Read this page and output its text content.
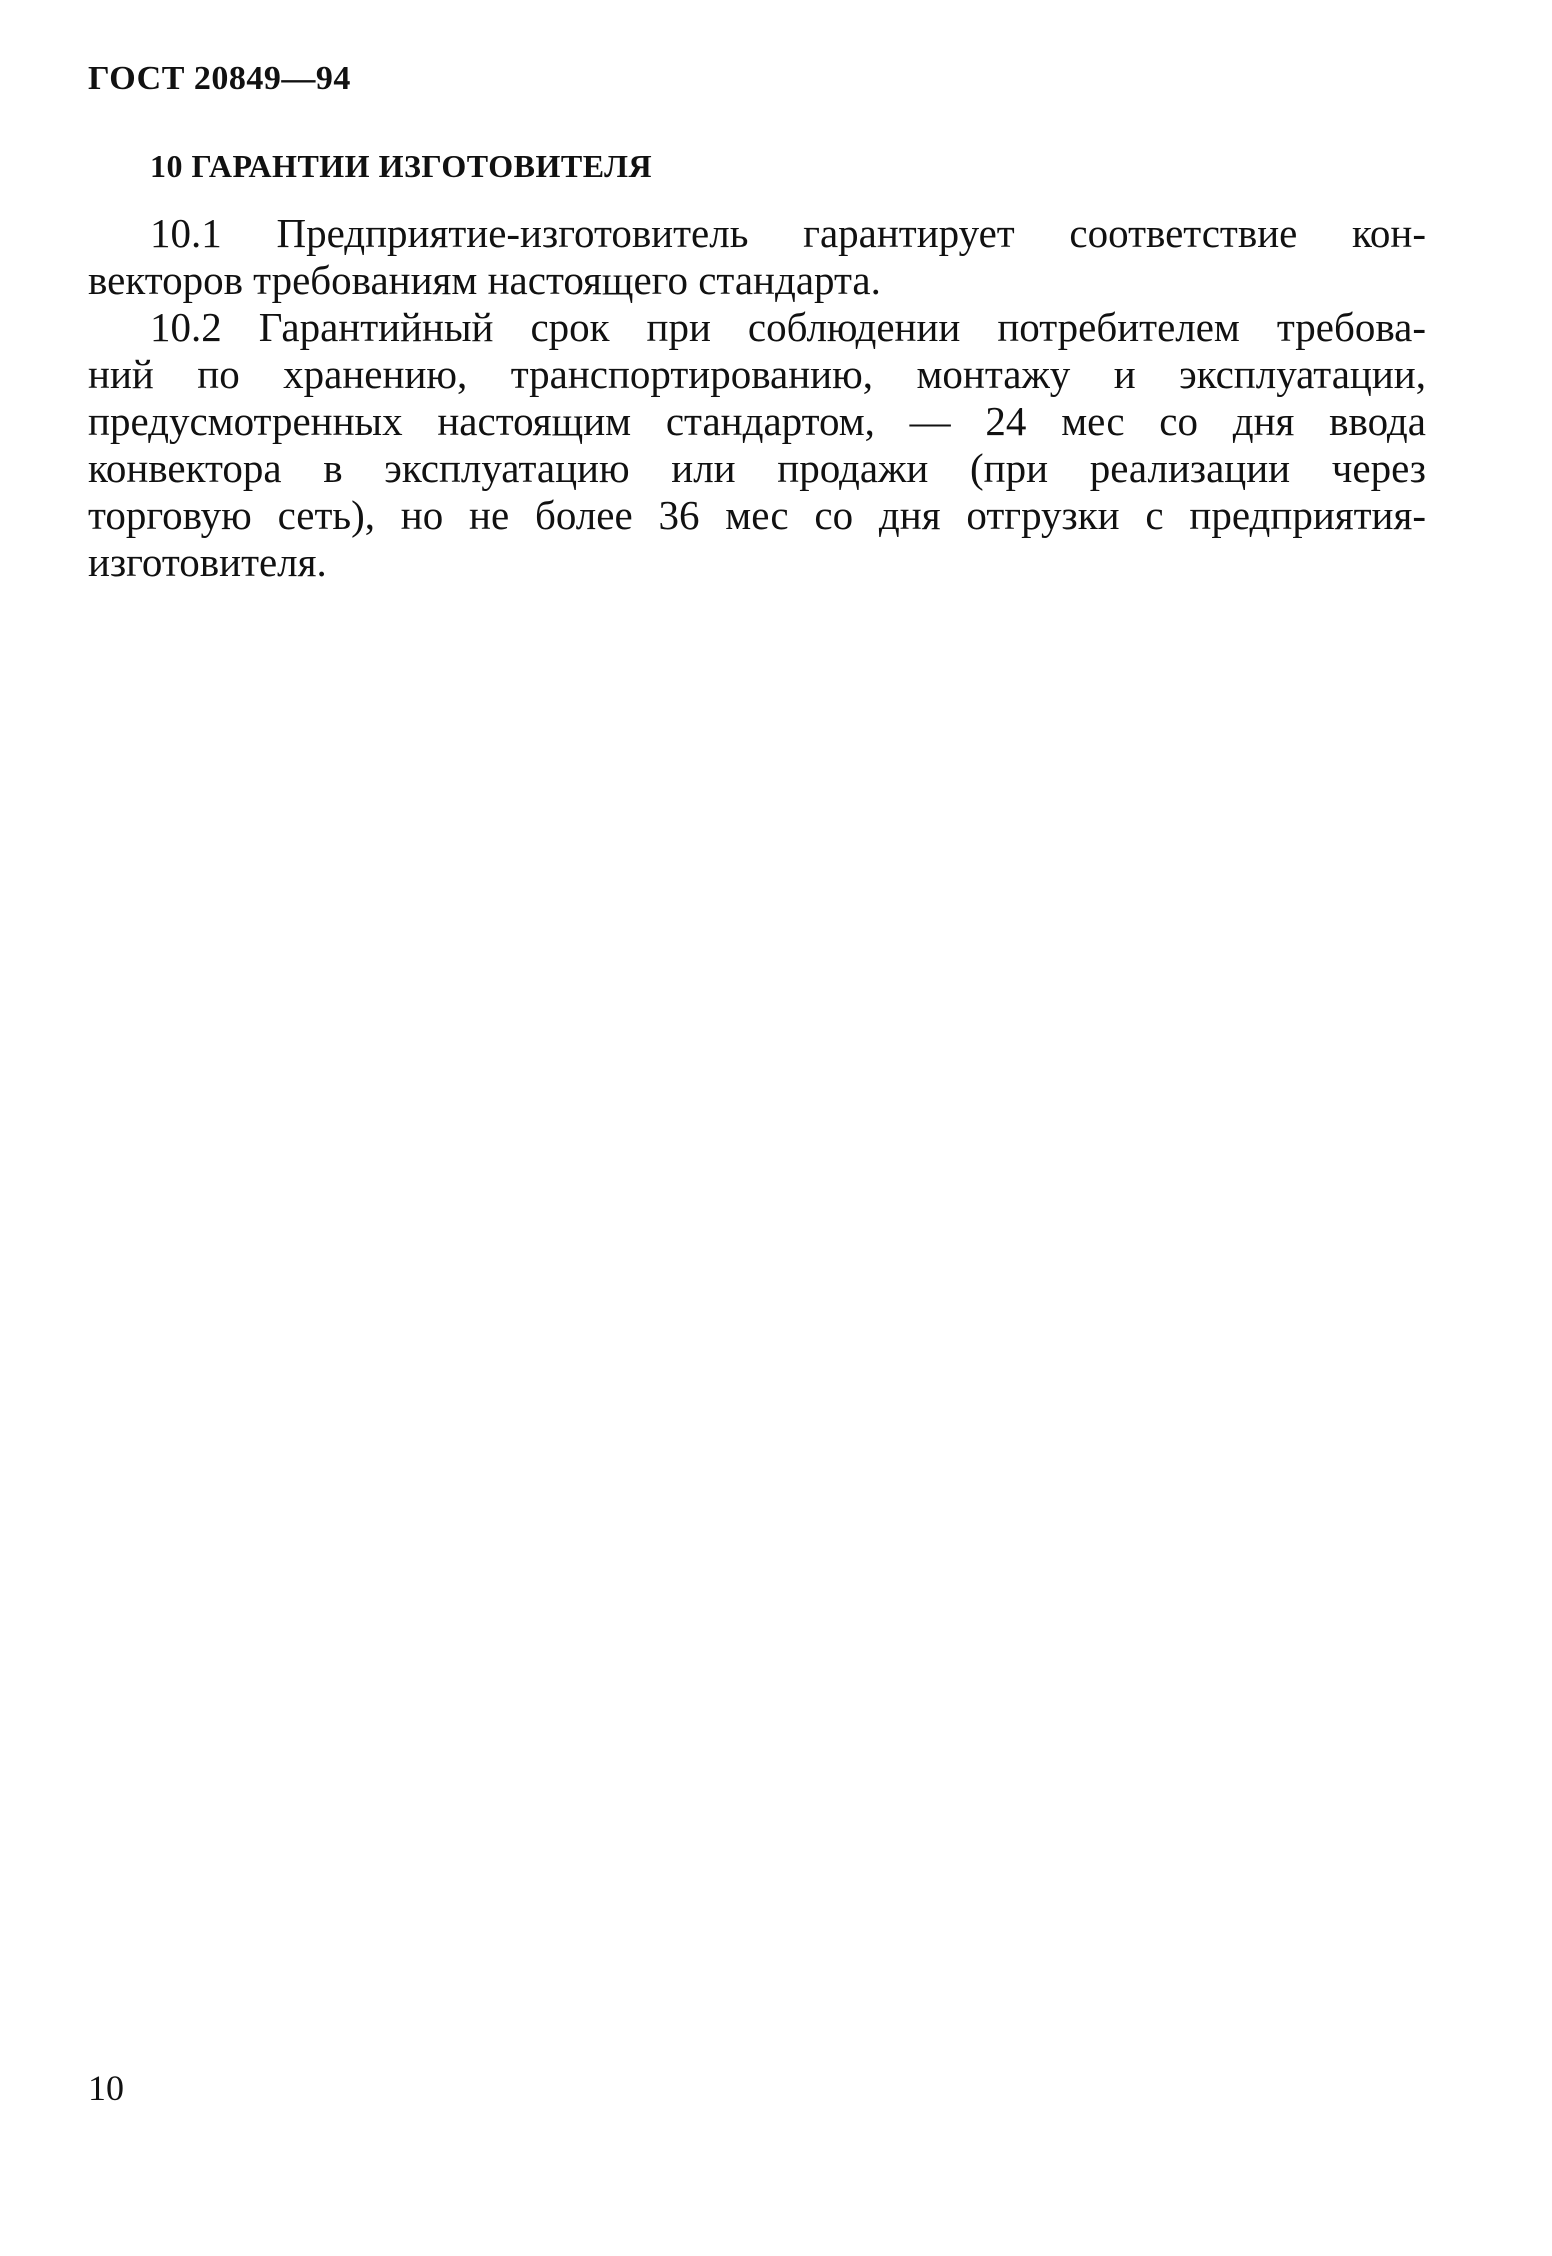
ГОСТ 20849—94
10 ГАРАНТИИ ИЗГОТОВИТЕЛЯ
10.1 Предприятие-изготовитель гарантирует соответствие кон-
векторов требованиям настоящего стандарта.
10.2 Гарантийный срок при соблюдении потребителем требова-
ний по хранению, транспортированию, монтажу и эксплуатации,
предусмотренных настоящим стандартом, — 24 мес со дня ввода
конвектора в эксплуатацию или продажи (при реализации через
торговую сеть), но не более 36 мес со дня отгрузки с предприятия-
изготовителя.
10
